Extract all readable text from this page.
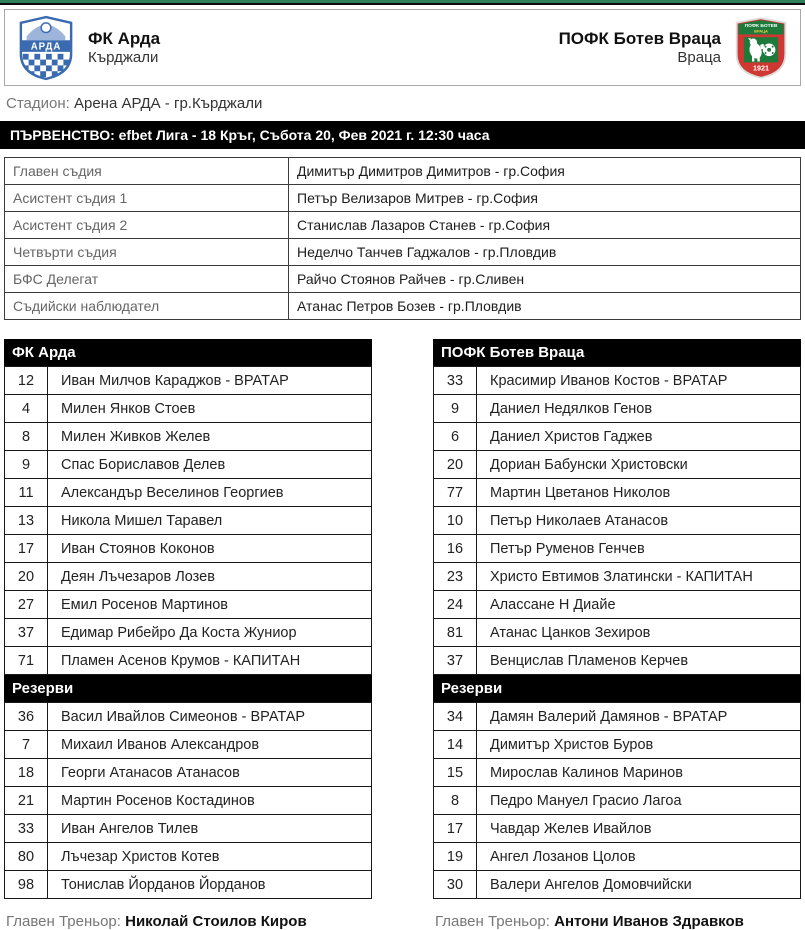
АРДА ФК Арда
Кърджали
ПОФК Ботев Враца
Враца
ПОФК БОТЕВ
ВРАЦА
1921
Стадион: Арена АРДА - гр.Кърджали
ПЪРВЕНСТВО: efbet Лига - 18 Кръг, Събота 20, Фев 2021 г. 12:30 часа
Главен съдия	Димитър Димитров Димитров - гр.София
Асистент съдия 1	Петър Велизаров Митрев - гр.София
Асистент съдия 2	Станислав Лазаров Станев - гр.София
Четвърти съдия	Неделчо Танчев Гаджалов - гр.Пловдив
БФС Делегат	Райчо Стоянов Райчев - гр.Сливен
Съдийски наблюдател	Атанас Петров Бозев - гр.Пловдив
ФК Арда
12	Иван Милчов Караджов - ВРАТАР
4	Милен Янков Стоев
8	Милен Живков Желев
9	Спас Бориславов Делев
11	Александър Веселинов Георгиев
13	Никола Мишел Таравел
17	Иван Стоянов Коконов
20	Деян Лъчезаров Лозев
27	Емил Росенов Мартинов
37	Едимар Рибейро Да Коста Жуниор
71	Пламен Асенов Крумов - КАПИТАН
Резерви
36	Васил Ивайлов Симеонов - ВРАТАР
7	Михаил Иванов Александров
18	Георги Атанасов Атанасов
21	Мартин Росенов Костадинов
33	Иван Ангелов Тилев
80	Лъчезар Христов Котев
98	Тонислав Йорданов Йорданов
Главен Треньор: Николай Стоилов Киров
ПОФК Ботев Враца
33	Красимир Иванов Костов - ВРАТАР
9	Даниел Недялков Генов
6	Даниел Христов Гаджев
20	Дориан Бабунски Христовски
77	Мартин Цветанов Николов
10	Петър Николаев Атанасов
16	Петър Руменов Генчев
23	Христо Евтимов Златински - КАПИТАН
24	Алассане Н Диайе
81	Атанас Цанков Зехиров
37	Венцислав Пламенов Керчев
Резерви
34	Дамян Валерий Дамянов - ВРАТАР
14	Димитър Христов Буров
15	Мирослав Калинов Маринов
8	Педро Мануел Грасио Лагоа
17	Чавдар Желев Ивайлов
19	Ангел Лозанов Цолов
30	Валери Ангелов Домовчийски
Главен Треньор: Антони Иванов Здравков
